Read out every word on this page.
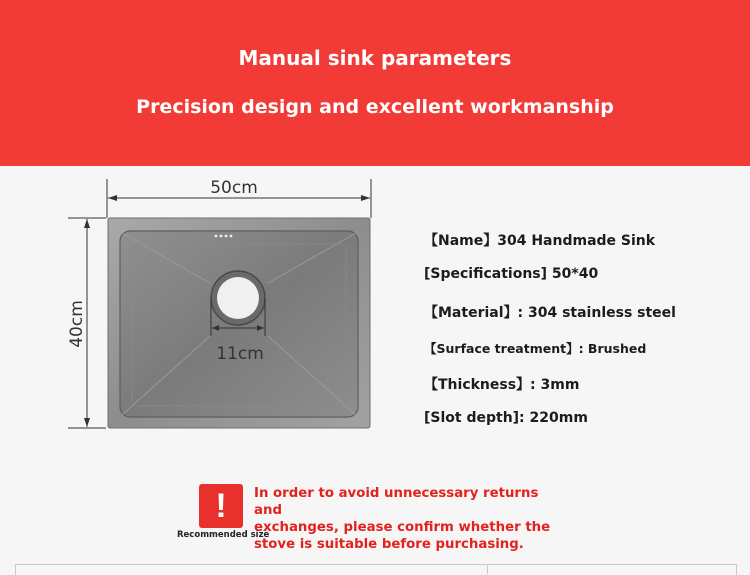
Manual sink parameters
Precision design and excellent workmanship
50cm
40cm
11cm
【Name】304 Handmade Sink
[Specifications] 50*40
【Material】: 304 stainless steel
【Surface treatment】: Brushed
【Thickness】: 3mm
[Slot depth]: 220mm
!
Recommended size
In order to avoid unnecessary returns and
exchanges, please confirm whether the
stove is suitable before purchasing.
